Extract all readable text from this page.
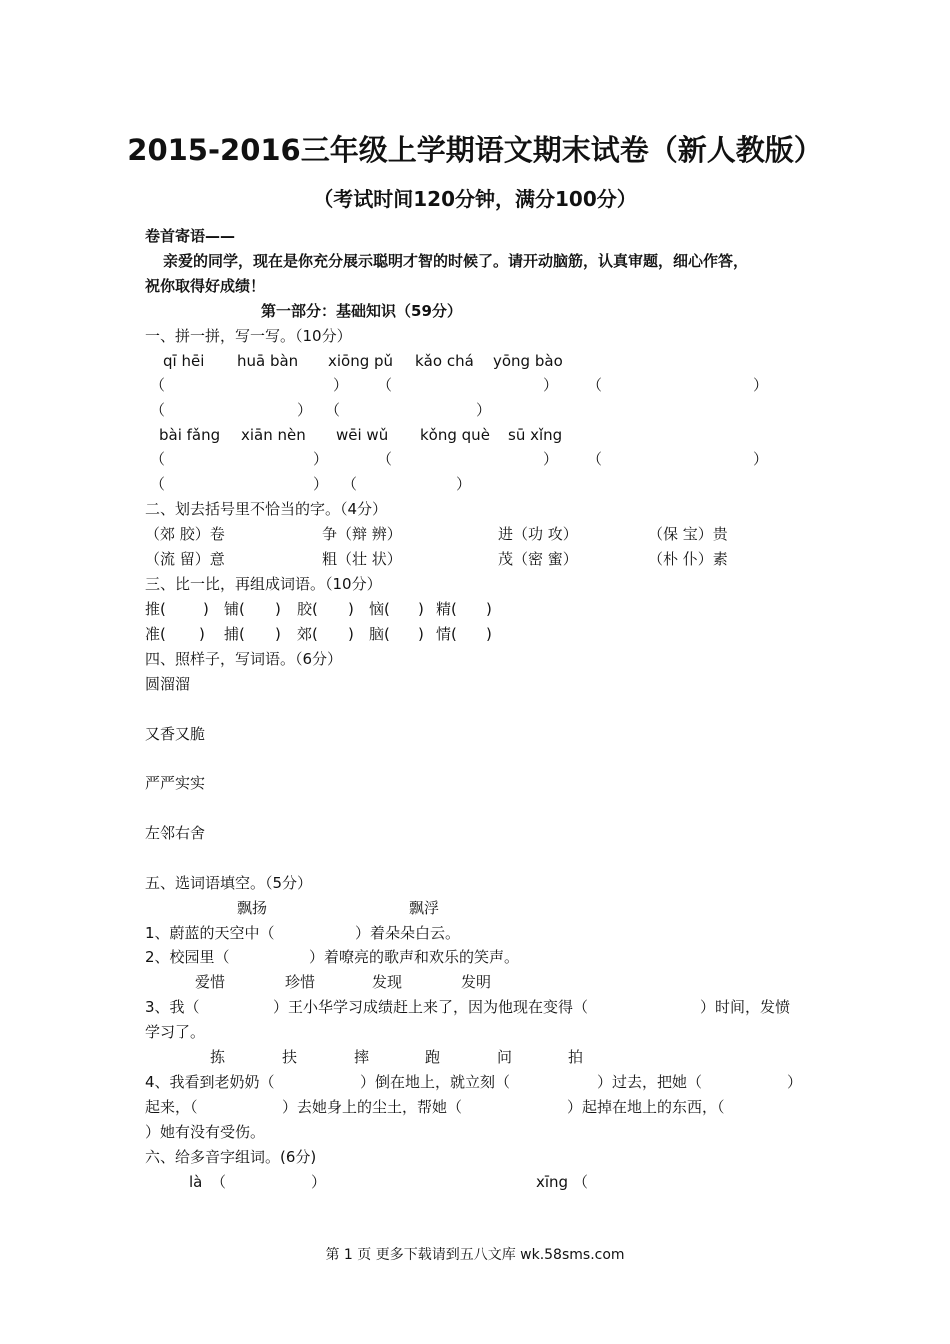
2015-2016三年级上学期语文期末试卷（新人教版）
（考试时间120分钟，满分100分）
卷首寄语——
亲爱的同学，现在是你充分展示聪明才智的时候了。请开动脑筋，认真审题，细心作答，
祝你取得好成绩！
第一部分：基础知识（59分）
一、拼一拼，写一写。（10分）
qī hēi huā bàn xiōng pǔ kǎo chá yōng bào
（	） （	） （	）
（	） （	）
bài fǎng xiān nèn wēi wǔ kǒng què sū xǐng
（	）	（	） （	）
（	） （	）
二、划去括号里不恰当的字。（4分）
（郊 胶）卷	争（辩 辨）	进（功 攻）	（保 宝）贵
（流 留）意	粗（壮 状）	茂（密 蜜）	（朴 仆）素
三、比一比，再组成词语。（10分）
推( ) 铺( ) 胶( ) 恼( ) 精( )
准( ) 捕( ) 郊( ) 脑( ) 情( )
四、照样子，写词语。（6分）
圆溜溜
又香又脆
严严实实
左邻右舍
五、选词语填空。（5分）
飘扬	飘浮
1、蔚蓝的天空中（	）着朵朵白云。
2、校园里（	）着嘹亮的歌声和欢乐的笑声。
爱惜	珍惜	发现	发明
3、我（	）王小华学习成绩赶上来了，因为他现在变得（	）时间，发愤
学习了。
拣	扶	摔	跑	问	拍
4、我看到老奶奶（	）倒在地上，就立刻（	）过去，把她（	）
起来，（	）去她身上的尘土，帮她（	）起掉在地上的东西，（
）她有没有受伤。
六、给多音字组词。(6分)
là （	）	xīng （
第 1 页 更多下载请到五八文库 wk.58sms.com
